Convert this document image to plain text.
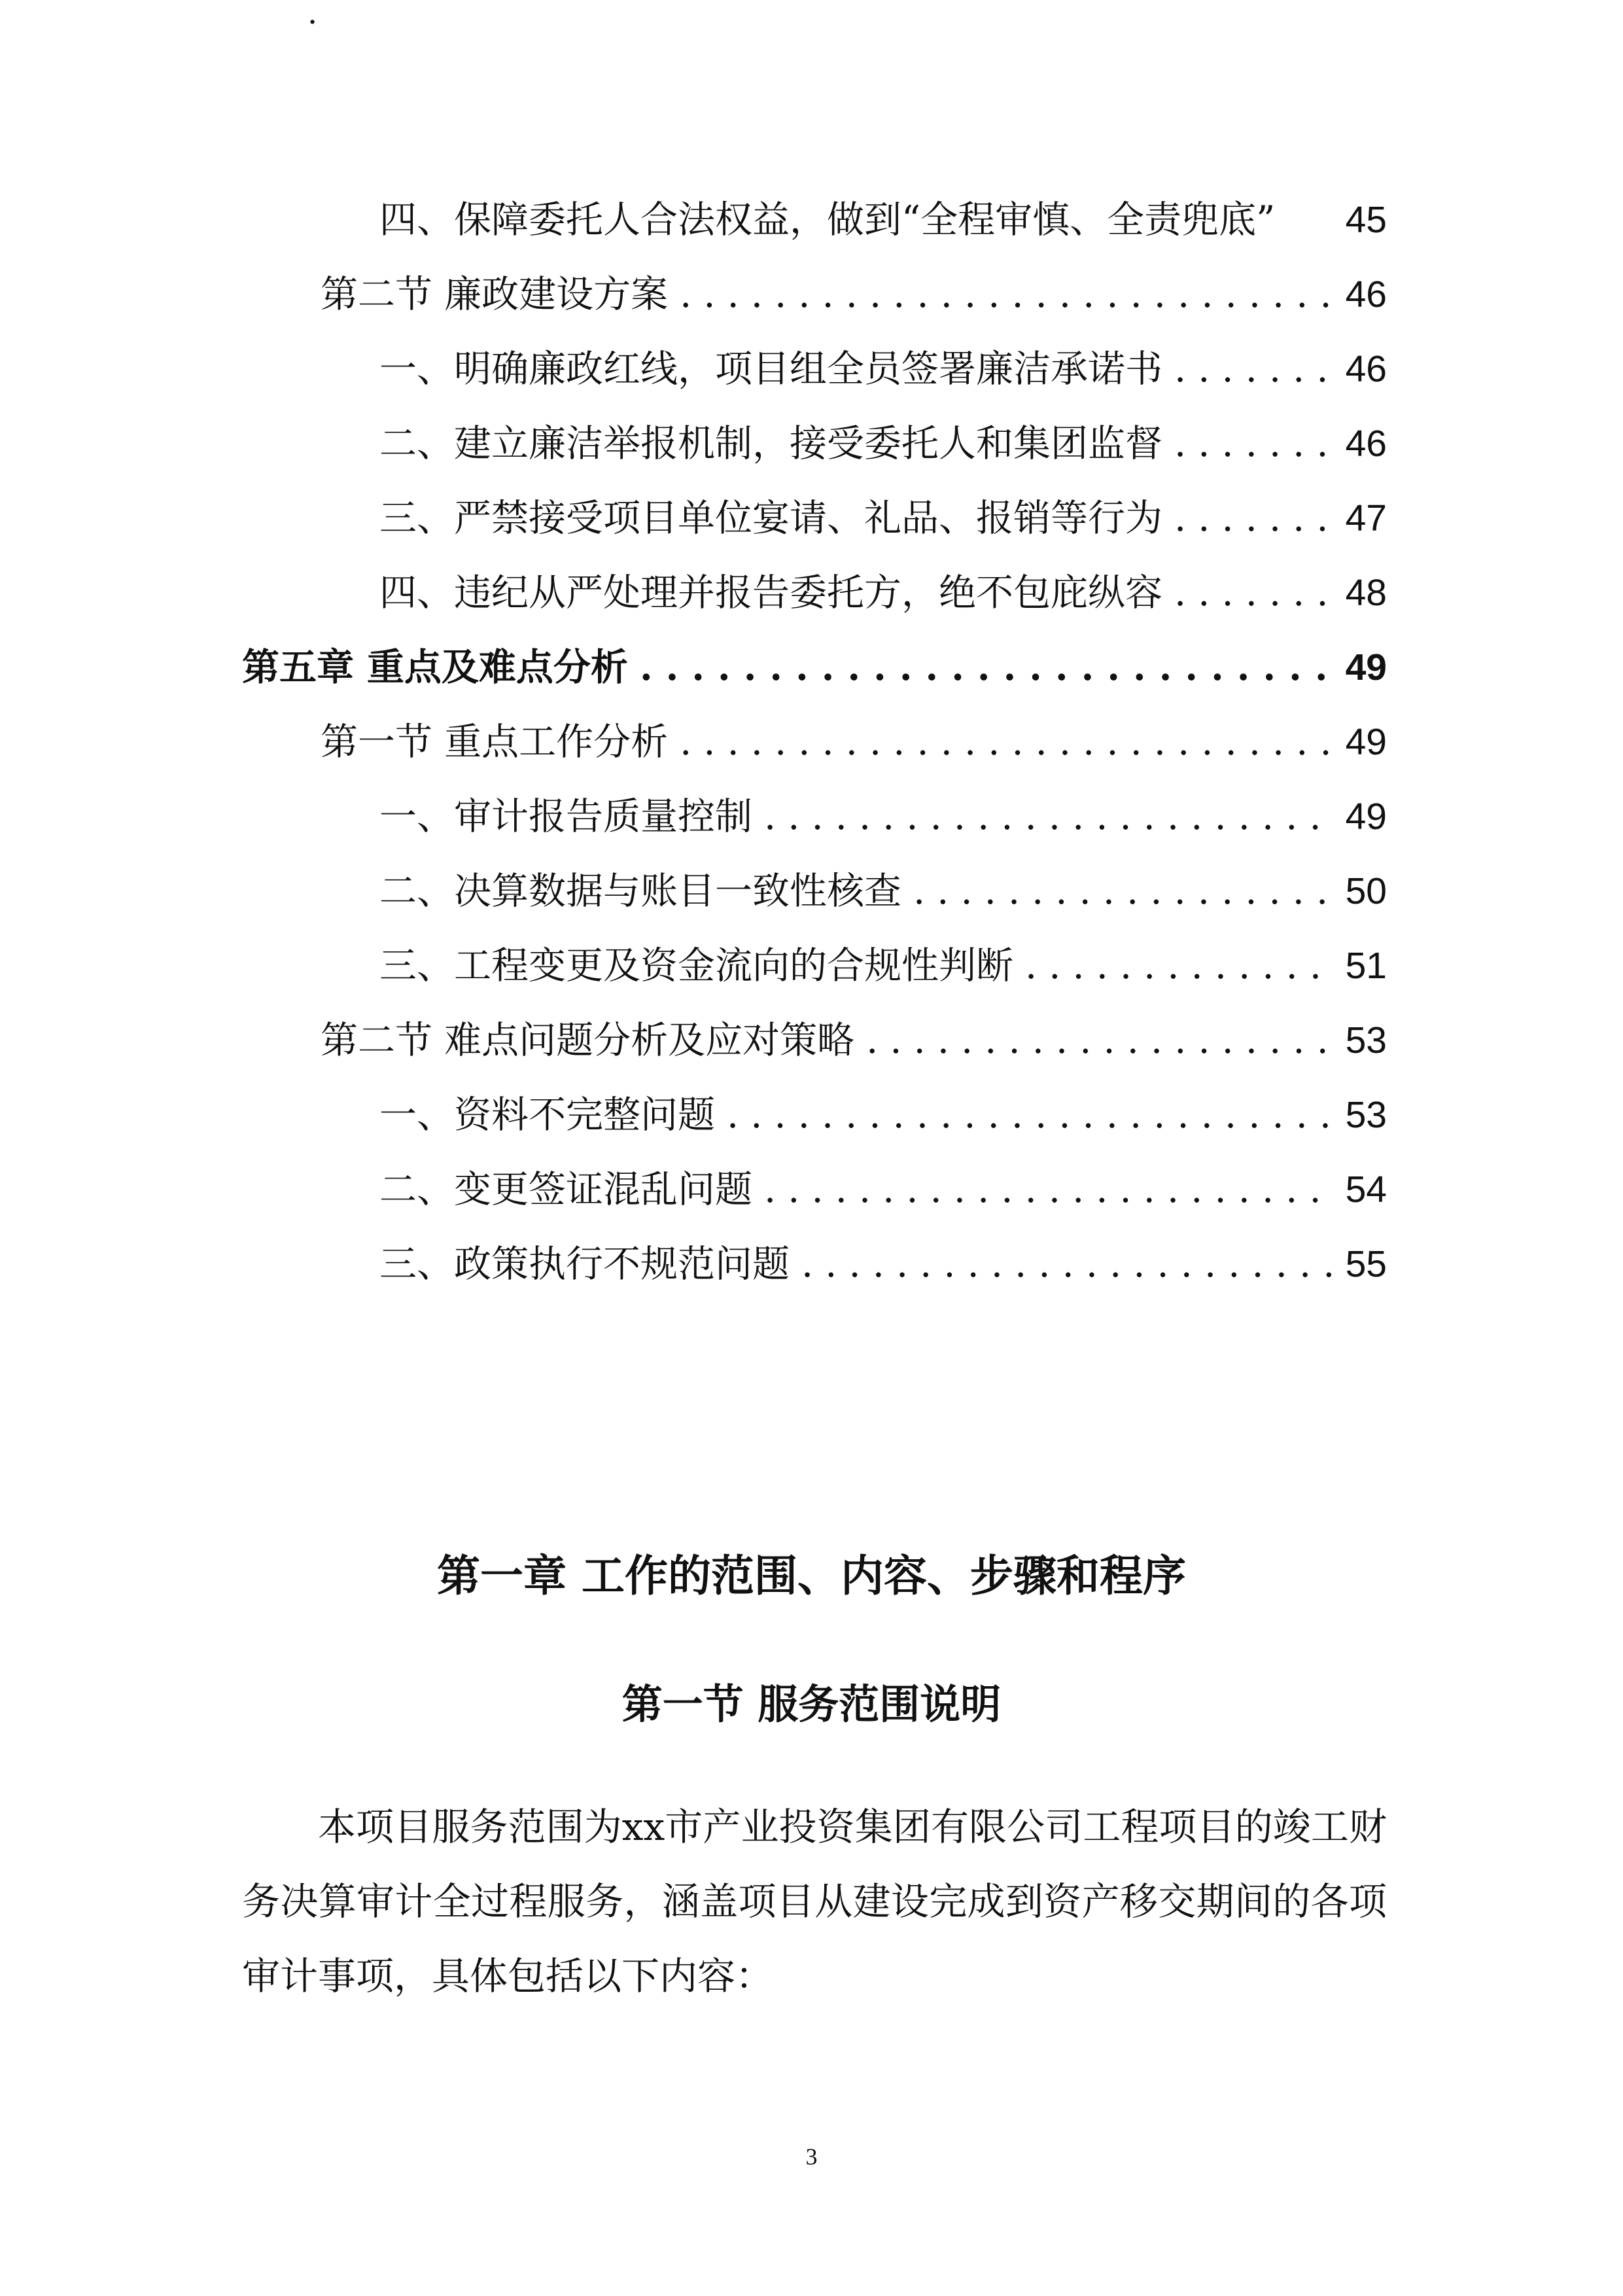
·
四、保障委托人合法权益，做到“全程审慎、全责兜底” 45
第二节 廉政建设方案 . . .	46
一、明确廉政红线，项目组全员签署廉洁承诺书 . . .	46
二、建立廉洁举报机制，接受委托人和集团监督 . . .	46
三、严禁接受项目单位宴请、礼品、报销等行为 . . .	47
四、违纪从严处理并报告委托方，绝不包庇纵容 . . .	48
第五章 重点及难点分析 . . .	49
第一节 重点工作分析 . . .	49
一、审计报告质量控制 . . .	49
二、决算数据与账目一致性核查 . . .	50
三、工程变更及资金流向的合规性判断 . . .	51
第二节 难点问题分析及应对策略 . . .	53
一、资料不完整问题 . . .	53
二、变更签证混乱问题 . . .	54
三、政策执行不规范问题 . . .	55
第一章 工作的范围、内容、步骤和程序
第一节 服务范围说明
本项目服务范围为xx市产业投资集团有限公司工程项目的竣工财务决算审计全过程服务，涵盖项目从建设完成到资产移交期间的各项审计事项，具体包括以下内容：
3
